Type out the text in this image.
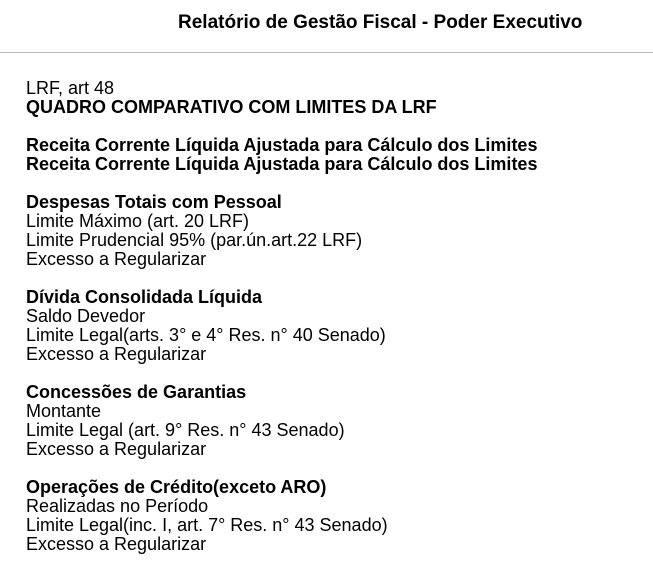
Relatório de Gestão Fiscal - Poder Executivo
LRF, art 48
QUADRO COMPARATIVO COM LIMITES DA LRF
Receita Corrente Líquida Ajustada para Cálculo dos Limites
Receita Corrente Líquida Ajustada para Cálculo dos Limites
Despesas Totais com Pessoal
Limite Máximo (art. 20 LRF)
Limite Prudencial 95% (par.ún.art.22 LRF)
Excesso a Regularizar
Dívida Consolidada Líquida
Saldo Devedor
Limite Legal(arts. 3° e 4° Res. n° 40 Senado)
Excesso a Regularizar
Concessões de Garantias
Montante
Limite Legal (art. 9° Res. n° 43 Senado)
Excesso a Regularizar
Operações de Crédito(exceto ARO)
Realizadas no Período
Limite Legal(inc. I, art. 7° Res. n° 43 Senado)
Excesso a Regularizar
